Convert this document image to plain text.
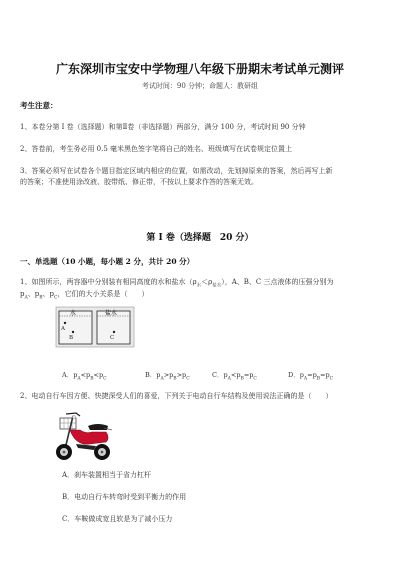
广东深圳市宝安中学物理八年级下册期末考试单元测评
考试时间：90 分钟；命题人：教研组
考生注意：
1、本卷分第 I 卷（选择题）和第Ⅱ卷（非选择题）两部分，满分 100 分，考试时间 90 分钟
2、答卷前，考生务必用 0.5 毫米黑色签字笔将自己的姓名、班级填写在试卷规定位置上
3、答案必须写在试卷各个题目指定区域内相应的位置，如需改动，先划掉原来的答案，然后再写上新
的答案；不准使用涂改液、胶带纸、修正带，不按以上要求作答的答案无效。
第 I 卷（选择题　20 分）
一、单选题（10 小题，每小题 2 分，共计 20 分）
1、如图所示，两容器中分别装有相同高度的水和盐水$(\rho_水<\rho_{盐水})$，A、B、C 三点液体的压强分别为
$p_A$、$p_B$、$p_C$，它们的大小关系是（　　）
水	盐水
A
B	C
A．$p_A<p_B<p_C$	B．$p_A>p_B>p_C$	C．$p_A<p_B=p_C$	D．$p_A=p_B=p_C$
2、电动自行车因方便、快捷深受人们的喜爱，下列关于电动自行车结构及使用说法正确的是（　　）
A．刹车装置相当于省力杠杆
B．电动自行车转弯时受到平衡力的作用
C．车鞍做成宽且软是为了减小压力
